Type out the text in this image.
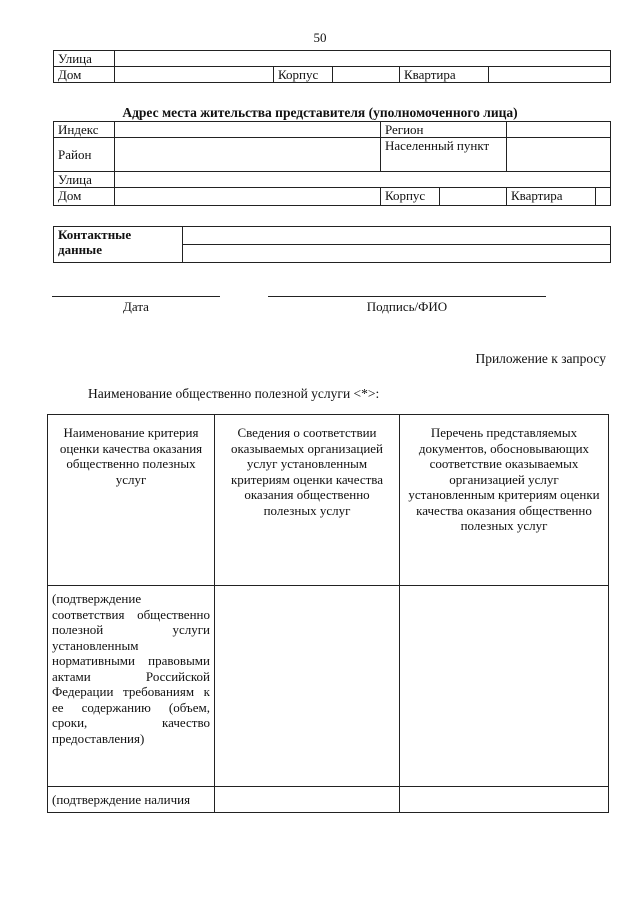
50
Улица					
Дом		Корпус		Квартира	
Адрес места жительства представителя (уполномоченного лица)
Индекс		Регион			
Район		Населенный пункт			
Улица					
Дом		Корпус		Квартира	
Контактные
данные

Дата	Подпись/ФИО
Приложение к запросу
Наименование общественно полезной услуги <*>:
Наименование критерия оценки качества оказания общественно полезных услуг	Сведения о соответствии оказываемых организацией услуг установленным критериям оценки качества оказания общественно полезных услуг	Перечень представляемых документов, обосновывающих соответствие оказываемых организацией услуг установленным критериям оценки качества оказания общественно полезных услуг
(подтверждение соответствия общественно полезной услуги установленным нормативными правовыми актами Российской Федерации требованиям к ее содержанию (объем, сроки, качество предоставления)		
(подтверждение наличия		
